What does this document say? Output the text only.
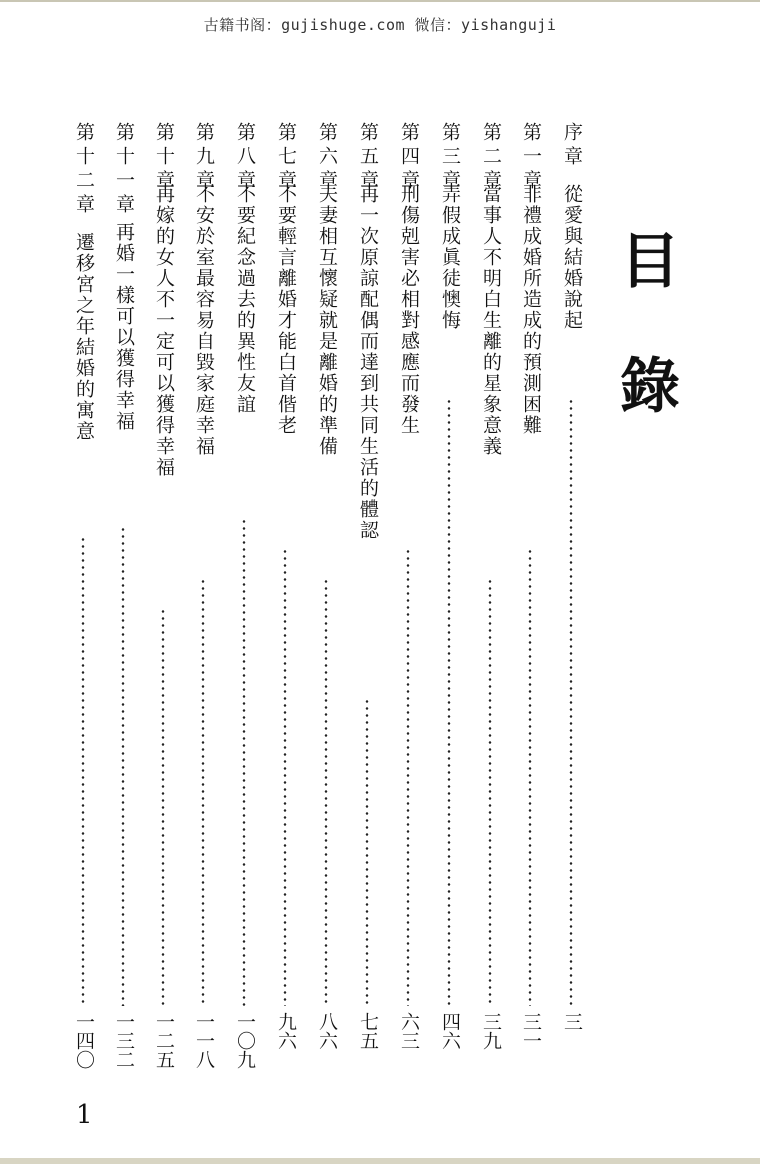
古籍书阁：gujishuge.com 微信：yishanguji
目
錄
序章
從愛與結婚說起
三
第一章
非禮成婚所造成的預測困難
三一
第二章
當事人不明白生離的星象意義
三九
第三章
弄假成眞徒懊悔
四六
第四章
刑傷剋害必相對感應而發生
六三
第五章
再一次原諒配偶而達到共同生活的體認
七五
第六章
夫妻相互懷疑就是離婚的準備
八六
第七章
不要輕言離婚才能白首偕老
九六
第八章
不要紀念過去的異性友誼
一〇九
第九章
不安於室最容易自毀家庭幸福
一一八
第十章
再嫁的女人不一定可以獲得幸福
一二五
第十一章
再婚一樣可以獲得幸福
一三二
第十二章
遷移宮之年結婚的寓意
一四〇
1
